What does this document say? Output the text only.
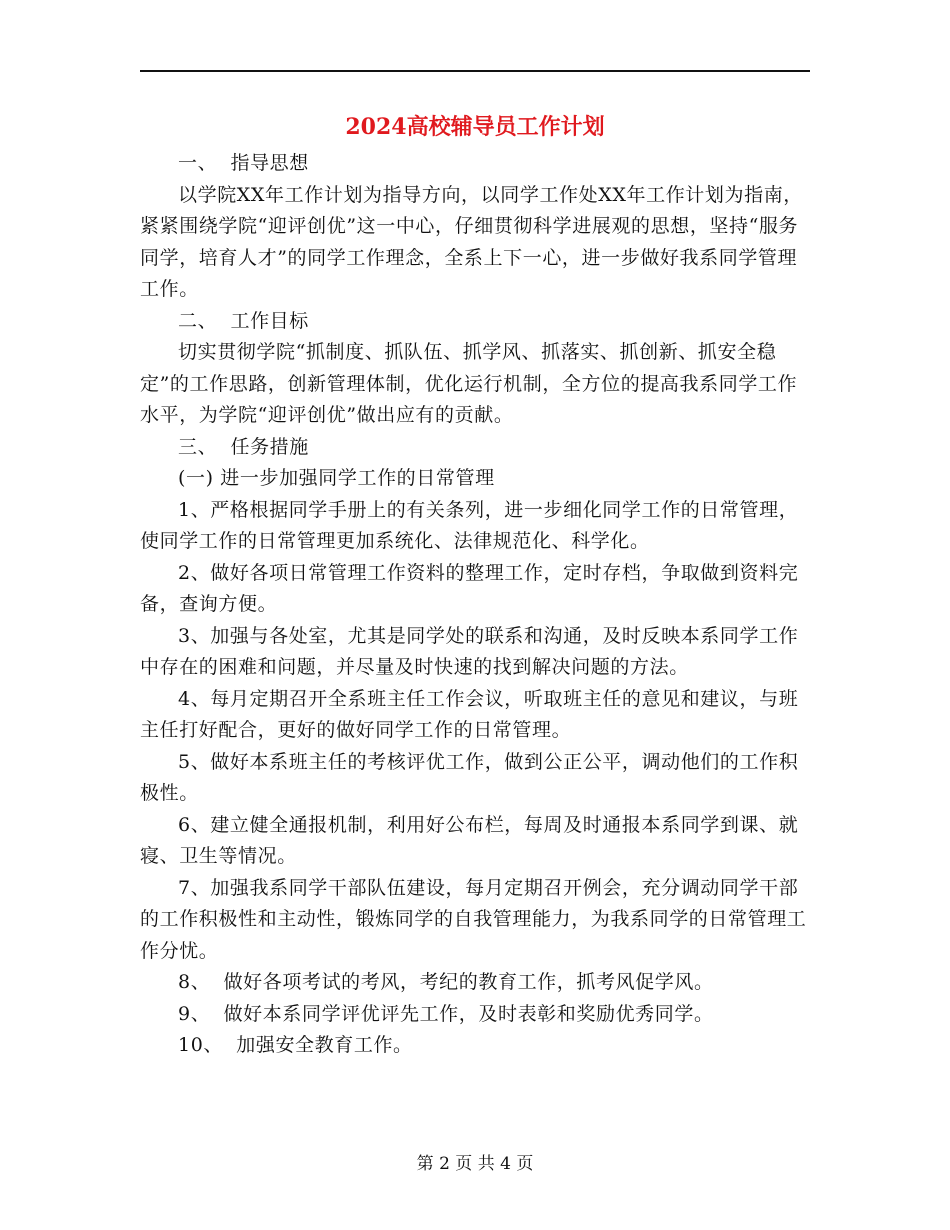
2024高校辅导员工作计划

一、  指导思想

以学院XX年工作计划为指导方向，以同学工作处XX年工作计划为指南，紧紧围绕学院“迎评创优”这一中心，仔细贯彻科学进展观的思想，坚持“服务同学，培育人才”的同学工作理念，全系上下一心，进一步做好我系同学管理工作。

二、  工作目标

切实贯彻学院“抓制度、抓队伍、抓学风、抓落实、抓创新、抓安全稳定”的工作思路，创新管理体制，优化运行机制，全方位的提高我系同学工作水平，为学院“迎评创优”做出应有的贡献。

三、  任务措施

(一) 进一步加强同学工作的日常管理

1、严格根据同学手册上的有关条列，进一步细化同学工作的日常管理，使同学工作的日常管理更加系统化、法律规范化、科学化。

2、做好各项日常管理工作资料的整理工作，定时存档，争取做到资料完备，查询方便。

3、加强与各处室，尤其是同学处的联系和沟通，及时反映本系同学工作中存在的困难和问题，并尽量及时快速的找到解决问题的方法。

4、每月定期召开全系班主任工作会议，听取班主任的意见和建议，与班主任打好配合，更好的做好同学工作的日常管理。

5、做好本系班主任的考核评优工作，做到公正公平，调动他们的工作积极性。

6、建立健全通报机制，利用好公布栏，每周及时通报本系同学到课、就寝、卫生等情况。

7、加强我系同学干部队伍建设，每月定期召开例会，充分调动同学干部的工作积极性和主动性，锻炼同学的自我管理能力，为我系同学的日常管理工作分忧。

8、  做好各项考试的考风，考纪的教育工作，抓考风促学风。

9、  做好本系同学评优评先工作，及时表彰和奖励优秀同学。

10、  加强安全教育工作。

第 2 页 共 4 页
